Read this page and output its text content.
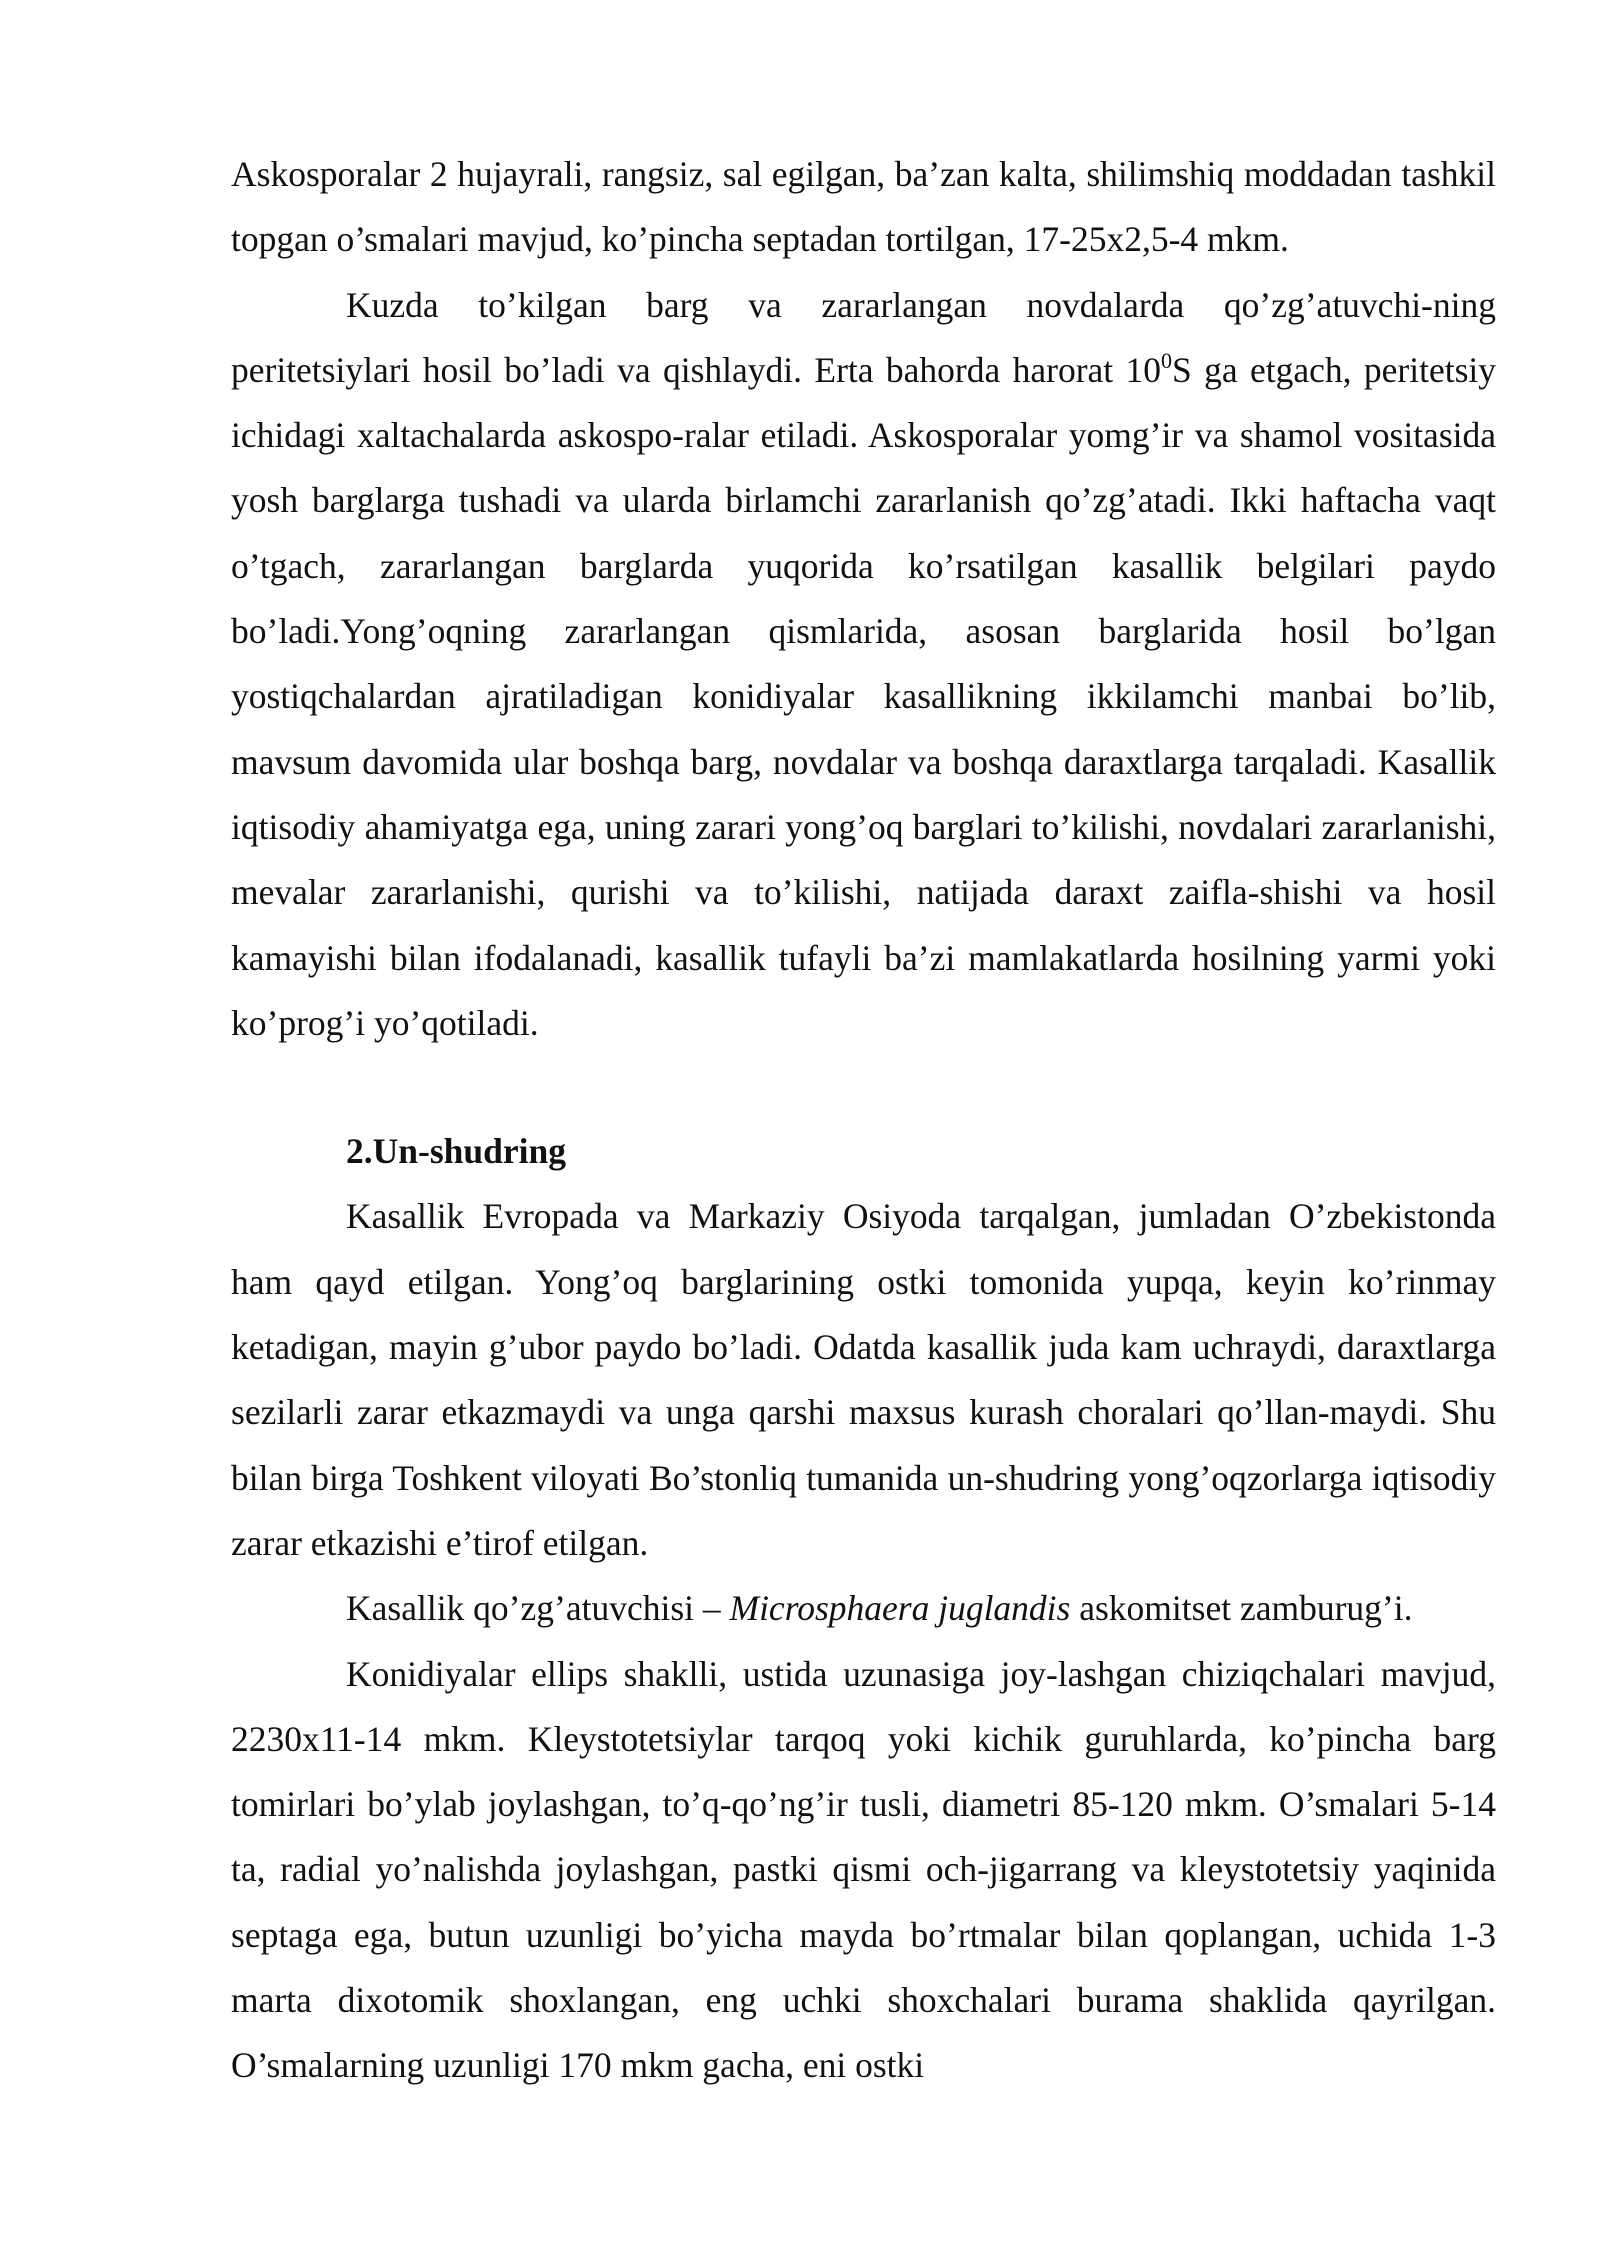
Askosporalar 2 hujayrali, rangsiz, sal egilgan, ba’zan kalta, shilimshiq moddadan tashkil topgan o’smalari mavjud, ko’pincha septadan tortilgan, 17-25x2,5-4 mkm.

Kuzda to’kilgan barg va zararlangan novdalarda qo’zg’atuvchi-ning peritetsiylari hosil bo’ladi va qishlaydi. Erta bahorda harorat $10^0S$ ga etgach, peritetsiy ichidagi xaltachalarda askospo-ralar etiladi. Askosporalar yomg’ir va shamol vositasida yosh barglarga tushadi va ularda birlamchi zararlanish qo’zg’atadi. Ikki haftacha vaqt o’tgach, zararlangan barglarda yuqorida ko’rsatilgan kasallik belgilari paydo bo’ladi.Yong’oqning zararlangan qismlarida, asosan barglarida hosil bo’lgan yostiqchalardan ajratiladigan konidiyalar kasallikning ikkilamchi manbai bo’lib, mavsum davomida ular boshqa barg, novdalar va boshqa daraxtlarga tarqaladi. Kasallik iqtisodiy ahamiyatga ega, uning zarari yong’oq barglari to’kilishi, novdalari zararlanishi, mevalar zararlanishi, qurishi va to’kilishi, natijada daraxt zaifla-shishi va hosil kamayishi bilan ifodalanadi, kasallik tufayli ba’zi mamlakatlarda hosilning yarmi yoki ko’prog’i yo’qotiladi.

2.Un-shudring

Kasallik Evropada va Markaziy Osiyoda tarqalgan, jumladan O’zbekistonda ham qayd etilgan. Yong’oq barglarining ostki tomonida yupqa, keyin ko’rinmay ketadigan, mayin g’ubor paydo bo’ladi. Odatda kasallik juda kam uchraydi, daraxtlarga sezilarli zarar etkazmaydi va unga qarshi maxsus kurash choralari qo’llan-maydi. Shu bilan birga Toshkent viloyati Bo’stonliq tumanida un-shudring yong’oqzorlarga iqtisodiy zarar etkazishi e’tirof etilgan.

Kasallik qo’zg’atuvchisi – Microsphaera juglandis askomitset zamburug’i.

Konidiyalar ellips shaklli, ustida uzunasiga joy-lashgan chiziqchalari mavjud, 2230x11-14 mkm. Kleystotetsiylar tarqoq yoki kichik guruhlarda, ko’pincha barg tomirlari bo’ylab joylashgan, to’q-qo’ng’ir tusli, diametri 85-120 mkm. O’smalari 5-14 ta, radial yo’nalishda joylashgan, pastki qismi och-jigarrang va kleystotetsiy yaqinida septaga ega, butun uzunligi bo’yicha mayda bo’rtmalar bilan qoplangan, uchida 1-3 marta dixotomik shoxlangan, eng uchki shoxchalari burama shaklida qayrilgan. O’smalarning uzunligi 170 mkm gacha, eni ostki
